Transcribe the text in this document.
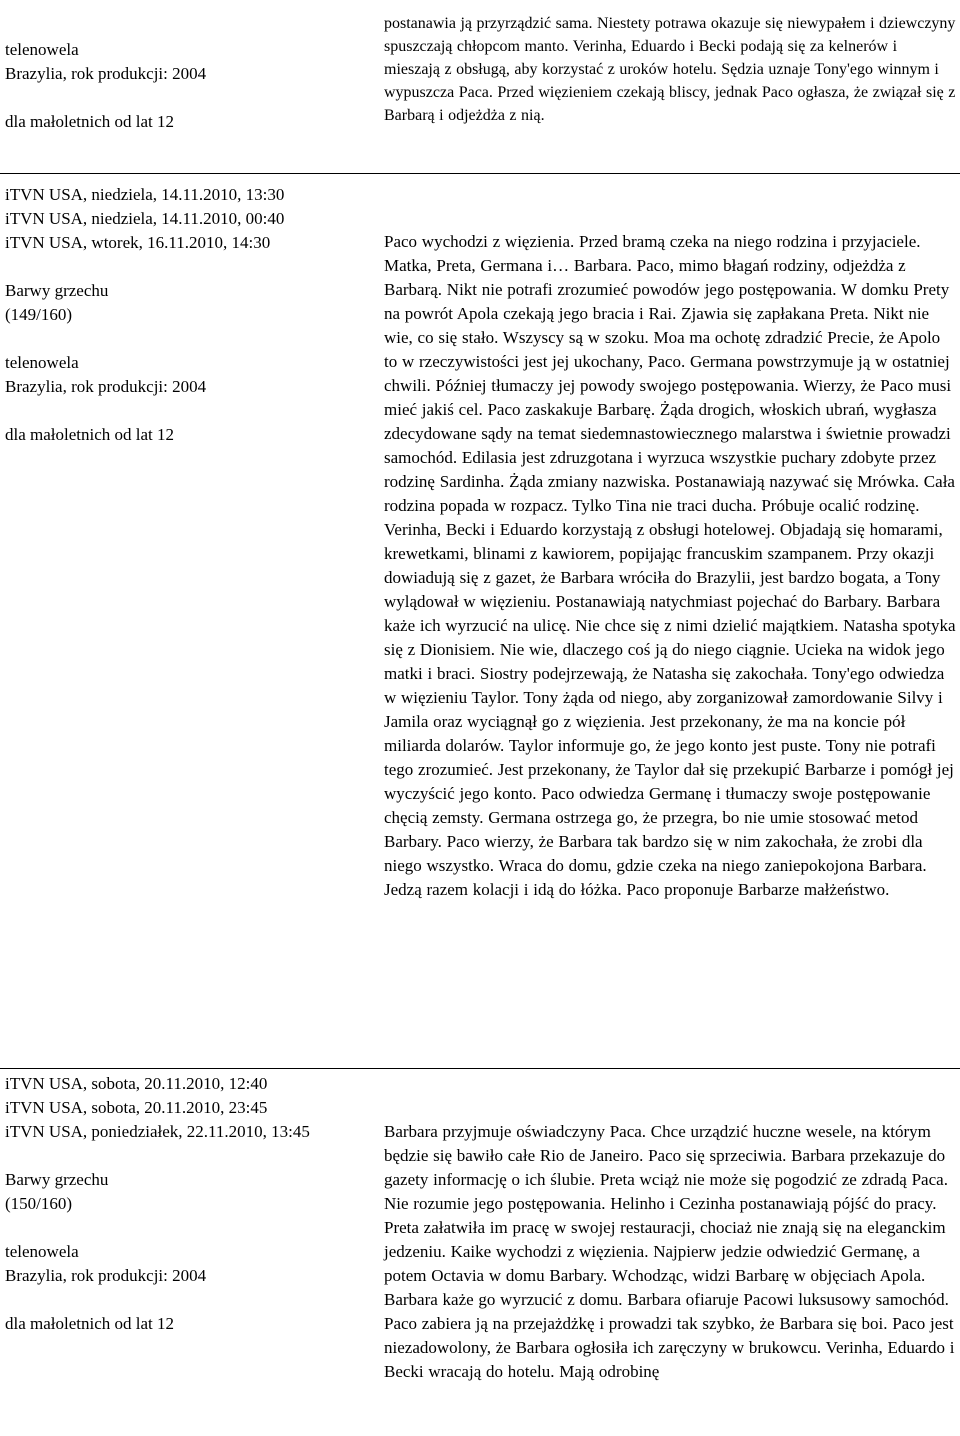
telenowela
Brazylia, rok produkcji: 2004
dla małoletnich od lat 12

postanawia ją przyrządzić sama. Niestety potrawa okazuje się niewypałem i dziewczyny spuszczają chłopcom manto. Verinha, Eduardo i Becki podają się za kelnerów i mieszają z obsługą, aby korzystać z uroków hotelu. Sędzia uznaje Tony'ego winnym i wypuszcza Paca. Przed więzieniem czekają bliscy, jednak Paco ogłasza, że związał się z Barbarą i odjeżdża z nią.

iTVN USA, niedziela, 14.11.2010, 13:30
iTVN USA, niedziela, 14.11.2010, 00:40
iTVN USA, wtorek, 16.11.2010, 14:30
Barwy grzechu
(149/160)
telenowela
Brazylia, rok produkcji: 2004
dla małoletnich od lat 12

Paco wychodzi z więzienia. Przed bramą czeka na niego rodzina i przyjaciele. Matka, Preta, Germana i… Barbara. Paco, mimo błagań rodziny, odjeżdża z Barbarą. Nikt nie potrafi zrozumieć powodów jego postępowania. W domku Prety na powrót Apola czekają jego bracia i Rai. Zjawia się zapłakana Preta. Nikt nie wie, co się stało. Wszyscy są w szoku. Moa ma ochotę zdradzić Precie, że Apolo to w rzeczywistości jest jej ukochany, Paco. Germana powstrzymuje ją w ostatniej chwili. Później tłumaczy jej powody swojego postępowania. Wierzy, że Paco musi mieć jakiś cel. Paco zaskakuje Barbarę. Żąda drogich, włoskich ubrań, wygłasza zdecydowane sądy na temat siedemnastowiecznego malarstwa i świetnie prowadzi samochód. Edilasia jest zdruzgotana i wyrzuca wszystkie puchary zdobyte przez rodzinę Sardinha. Żąda zmiany nazwiska. Postanawiają nazywać się Mrówka. Cała rodzina popada w rozpacz. Tylko Tina nie traci ducha. Próbuje ocalić rodzinę. Verinha, Becki i Eduardo korzystają z obsługi hotelowej. Objadają się homarami, krewetkami, blinami z kawiorem, popijając francuskim szampanem. Przy okazji dowiadują się z gazet, że Barbara wróciła do Brazylii, jest bardzo bogata, a Tony wylądował w więzieniu. Postanawiają natychmiast pojechać do Barbary. Barbara każe ich wyrzucić na ulicę. Nie chce się z nimi dzielić majątkiem. Natasha spotyka się z Dionisiem. Nie wie, dlaczego coś ją do niego ciągnie. Ucieka na widok jego matki i braci. Siostry podejrzewają, że Natasha się zakochała. Tony'ego odwiedza w więzieniu Taylor. Tony żąda od niego, aby zorganizował zamordowanie Silvy i Jamila oraz wyciągnął go z więzienia. Jest przekonany, że ma na koncie pół miliarda dolarów. Taylor informuje go, że jego konto jest puste. Tony nie potrafi tego zrozumieć. Jest przekonany, że Taylor dał się przekupić Barbarze i pomógł jej wyczyścić jego konto. Paco odwiedza Germanę i tłumaczy swoje postępowanie chęcią zemsty. Germana ostrzega go, że przegra, bo nie umie stosować metod Barbary. Paco wierzy, że Barbara tak bardzo się w nim zakochała, że zrobi dla niego wszystko. Wraca do domu, gdzie czeka na niego zaniepokojona Barbara. Jedzą razem kolacji i idą do łóżka. Paco proponuje Barbarze małżeństwo.

iTVN USA, sobota, 20.11.2010, 12:40
iTVN USA, sobota, 20.11.2010, 23:45
iTVN USA, poniedziałek, 22.11.2010, 13:45
Barwy grzechu
(150/160)
telenowela
Brazylia, rok produkcji: 2004
dla małoletnich od lat 12

Barbara przyjmuje oświadczyny Paca. Chce urządzić huczne wesele, na którym będzie się bawiło całe Rio de Janeiro. Paco się sprzeciwia. Barbara przekazuje do gazety informację o ich ślubie. Preta wciąż nie może się pogodzić ze zdradą Paca. Nie rozumie jego postępowania. Helinho i Cezinha postanawiają pójść do pracy. Preta załatwiła im pracę w swojej restauracji, chociaż nie znają się na eleganckim jedzeniu. Kaike wychodzi z więzienia. Najpierw jedzie odwiedzić Germanę, a potem Octavia w domu Barbary. Wchodząc, widzi Barbarę w objęciach Apola. Barbara każe go wyrzucić z domu. Barbara ofiaruje Pacowi luksusowy samochód. Paco zabiera ją na przejażdżkę i prowadzi tak szybko, że Barbara się boi. Paco jest niezadowolony, że Barbara ogłosiła ich zaręczyny w brukowcu. Verinha, Eduardo i Becki wracają do hotelu. Mają odrobinę
